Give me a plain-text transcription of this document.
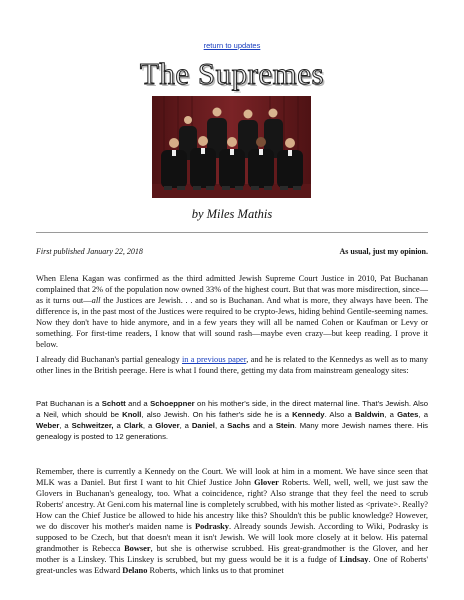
return to updates
The Supremes
by Miles Mathis
First published January 22, 2018	As usual, just my opinion.

When Elena Kagan was confirmed as the third admitted Jewish Supreme Court Justice in 2010, Pat Buchanan complained that 2% of the population now owned 33% of the highest court. But that was more misdirection, since—as it turns out—all the Justices are Jewish. . . and so is Buchanan. And what is more, they always have been. The difference is, in the past most of the Justices were required to be crypto-Jews, hiding behind Gentile-seeming names. Now they don't have to hide anymore, and in a few years they will all be named Cohen or Kaufman or Levy or something. For first-time readers, I know that will sound rash—maybe even crazy—but keep reading. I prove it below.

I already did Buchanan's partial genealogy in a previous paper, and he is related to the Kennedys as well as to many other lines in the British peerage. Here is what I found there, getting my data from mainstream genealogy sites:

Pat Buchanan is a Schott and a Schoeppner on his mother's side, in the direct maternal line. That's Jewish. Also a Neil, which should be Knoll, also Jewish. On his father's side he is a Kennedy. Also a Baldwin, a Gates, a Weber, a Schweitzer, a Clark, a Glover, a Daniel, a Sachs and a Stein. Many more Jewish names there. His genealogy is posted to 12 generations.

Remember, there is currently a Kennedy on the Court. We will look at him in a moment. We have since seen that MLK was a Daniel. But first I want to hit Chief Justice John Glover Roberts. Well, well, well, we just saw the Glovers in Buchanan's genealogy, too. What a coincidence, right? Also strange that they feel the need to scrub Roberts' ancestry. At Geni.com his maternal line is completely scrubbed, with his mother listed as <private>. Really? How can the Chief Justice be allowed to hide his ancestry like this? Shouldn't this be public knowledge? However, we do discover his mother's maiden name is Podrasky. Already sounds Jewish. According to Wiki, Podrasky is supposed to be Czech, but that doesn't mean it isn't Jewish. We will look more closely at it below. His paternal grandmother is Rebecca Bowser, but she is otherwise scrubbed. His great-grandmother is the Glover, and her mother is a Linskey. This Linskey is scrubbed, but my guess would be it is a fudge of Lindsay. One of Roberts' great-uncles was Edward Delano Roberts, which links us to that prominet
